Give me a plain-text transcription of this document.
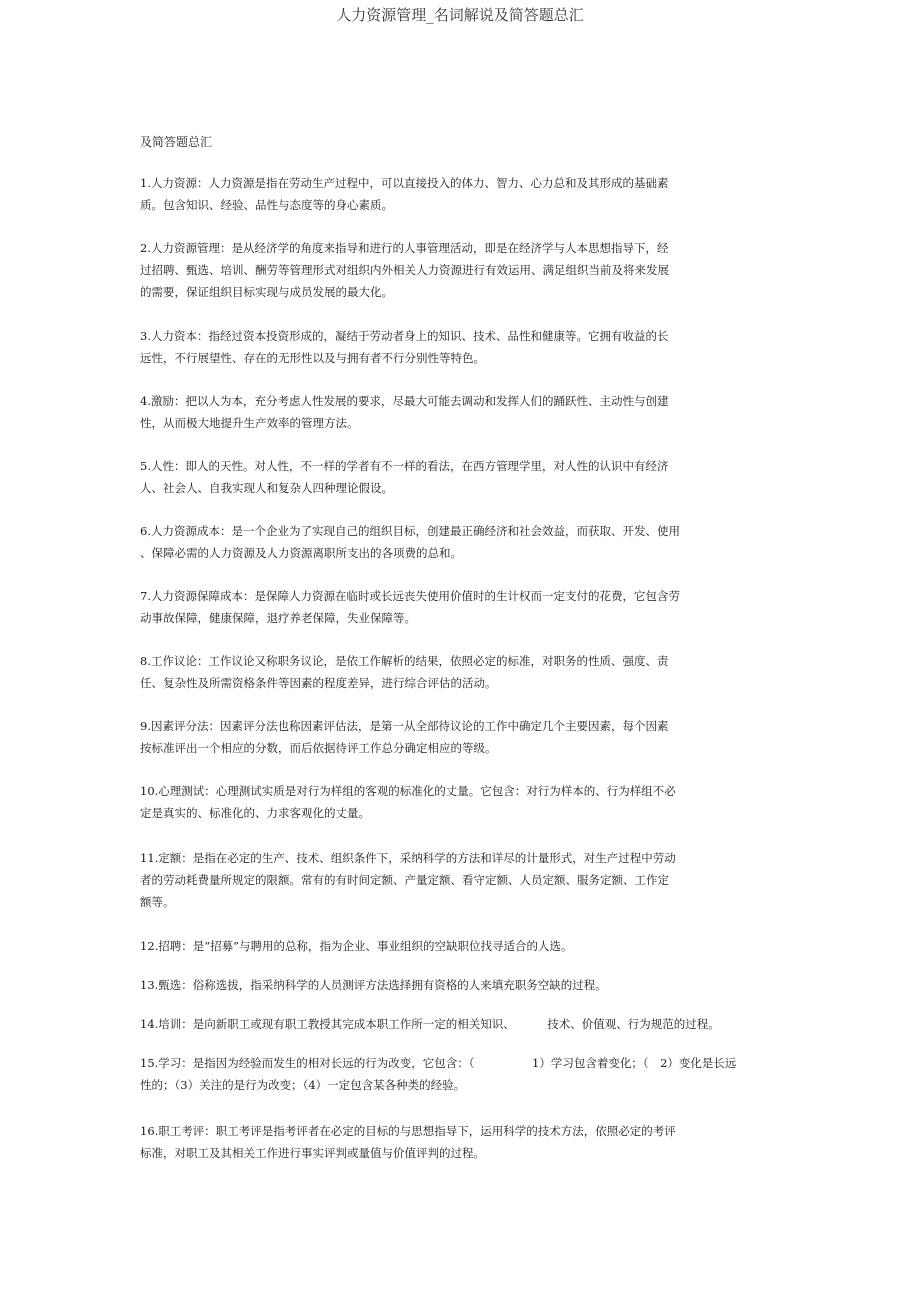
人力资源管理_名词解说及简答题总汇
及简答题总汇
1.人力资源：人力资源是指在劳动生产过程中，可以直接投入的体力、智力、心力总和及其形成的基础素
质。包含知识、经验、品性与态度等的身心素质。
2.人力资源管理：是从经济学的角度来指导和进行的人事管理活动，即是在经济学与人本思想指导下，经
过招聘、甄选、培训、酬劳等管理形式对组织内外相关人力资源进行有效运用、满足组织当前及将来发展
的需要，保证组织目标实现与成员发展的最大化。
3.人力资本：指经过资本投资形成的，凝结于劳动者身上的知识、技术、品性和健康等。它拥有收益的长
远性，不行展望性、存在的无形性以及与拥有者不行分别性等特色。
4.激励：把以人为本，充分考虑人性发展的要求，尽最大可能去调动和发挥人们的踊跃性、主动性与创建
性，从而极大地提升生产效率的管理方法。
5.人性：即人的天性。对人性，不一样的学者有不一样的看法，在西方管理学里，对人性的认识中有经济
人、社会人、自我实现人和复杂人四种理论假设。
6.人力资源成本：是一个企业为了实现自己的组织目标，创建最正确经济和社会效益，而获取、开发、使用
、保障必需的人力资源及人力资源离职所支出的各项费的总和。
7.人力资源保障成本：是保障人力资源在临时或长远丧失使用价值时的生计权而一定支付的花费，它包含劳
动事故保障，健康保障，退疗养老保障，失业保障等。
8.工作议论：工作议论又称职务议论，是依工作解析的结果，依照必定的标准，对职务的性质、强度、责
任、复杂性及所需资格条件等因素的程度差异，进行综合评估的活动。
9.因素评分法：因素评分法也称因素评估法，是第一从全部待议论的工作中确定几个主要因素，每个因素
按标准评出一个相应的分数，而后依据待评工作总分确定相应的等级。
10.心理测试：心理测试实质是对行为样组的客观的标准化的丈量。它包含：对行为样本的、行为样组不必
定是真实的、标准化的、力求客观化的丈量。
11.定额：是指在必定的生产、技术、组织条件下，采纳科学的方法和详尽的计量形式，对生产过程中劳动
者的劳动耗费量所规定的限额。常有的有时间定额、产量定额、看守定额、人员定额、服务定额、工作定
额等。
12.招聘：是“招募”与聘用的总称，指为企业、事业组织的空缺职位找寻适合的人选。
13.甄选：俗称选拔，指采纳科学的人员测评方法选择拥有资格的人来填充职务空缺的过程。
14.培训：是向新职工或现有职工教授其完成本职工作所一定的相关知识、　　　 技术、价值观、行为规范的过程。
15.学习：是指因为经验而发生的相对长远的行为改变，它包含：（　　　　　1）学习包含着变化；（　2）变化是长远
性的；（3）关注的是行为改变；（4）一定包含某各种类的经验。
16.职工考评：职工考评是指考评者在必定的目标的与思想指导下，运用科学的技术方法，依照必定的考评
标准，对职工及其相关工作进行事实评判或量值与价值评判的过程。
